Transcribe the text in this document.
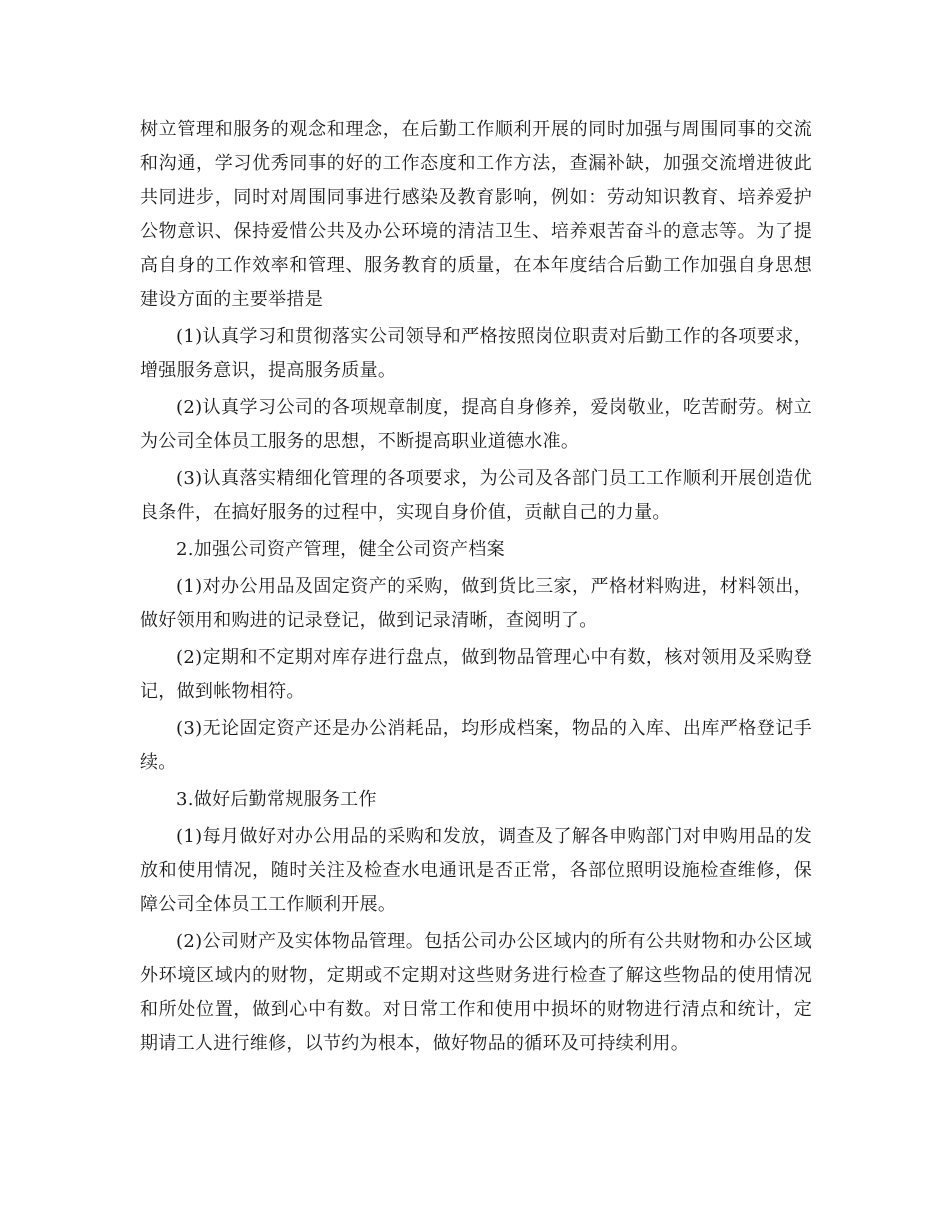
树立管理和服务的观念和理念，在后勤工作顺利开展的同时加强与周围同事的交流和沟通，学习优秀同事的好的工作态度和工作方法，查漏补缺，加强交流增进彼此共同进步，同时对周围同事进行感染及教育影响，例如：劳动知识教育、培养爱护公物意识、保持爱惜公共及办公环境的清洁卫生、培养艰苦奋斗的意志等。为了提高自身的工作效率和管理、服务教育的质量，在本年度结合后勤工作加强自身思想建设方面的主要举措是

(1)认真学习和贯彻落实公司领导和严格按照岗位职责对后勤工作的各项要求，增强服务意识，提高服务质量。

(2)认真学习公司的各项规章制度，提高自身修养，爱岗敬业，吃苦耐劳。树立为公司全体员工服务的思想，不断提高职业道德水准。

(3)认真落实精细化管理的各项要求，为公司及各部门员工工作顺利开展创造优良条件，在搞好服务的过程中，实现自身价值，贡献自己的力量。

2.加强公司资产管理，健全公司资产档案

(1)对办公用品及固定资产的采购，做到货比三家，严格材料购进，材料领出，做好领用和购进的记录登记，做到记录清晰，查阅明了。

(2)定期和不定期对库存进行盘点，做到物品管理心中有数，核对领用及采购登记，做到帐物相符。

(3)无论固定资产还是办公消耗品，均形成档案，物品的入库、出库严格登记手续。

3.做好后勤常规服务工作

(1)每月做好对办公用品的采购和发放，调查及了解各申购部门对申购用品的发放和使用情况，随时关注及检查水电通讯是否正常，各部位照明设施检查维修，保障公司全体员工工作顺利开展。

(2)公司财产及实体物品管理。包括公司办公区域内的所有公共财物和办公区域外环境区域内的财物，定期或不定期对这些财务进行检查了解这些物品的使用情况和所处位置，做到心中有数。对日常工作和使用中损坏的财物进行清点和统计，定期请工人进行维修，以节约为根本，做好物品的循环及可持续利用。
